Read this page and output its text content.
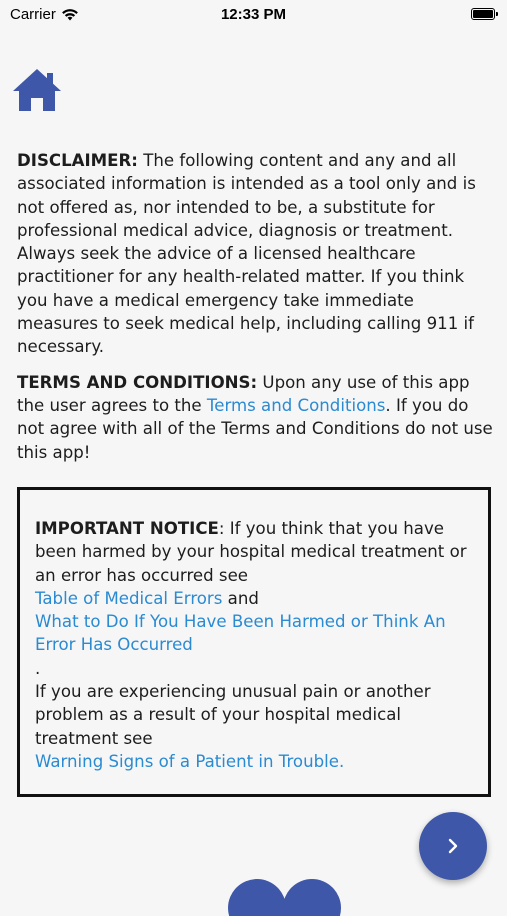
Carrier	12:33 PM

DISCLAIMER: The following content and any and all associated information is intended as a tool only and is not offered as, nor intended to be, a substitute for professional medical advice, diagnosis or treatment. Always seek the advice of a licensed healthcare practitioner for any health-related matter. If you think you have a medical emergency take immediate measures to seek medical help, including calling 911 if necessary.

TERMS AND CONDITIONS: Upon any use of this app the user agrees to the Terms and Conditions. If you do not agree with all of the Terms and Conditions do not use this app!

IMPORTANT NOTICE: If you think that you have been harmed by your hospital medical treatment or an error has occurred see
Table of Medical Errors and
What to Do If You Have Been Harmed or Think An Error Has Occurred
.
If you are experiencing unusual pain or another problem as a result of your hospital medical treatment see
Warning Signs of a Patient in Trouble.
